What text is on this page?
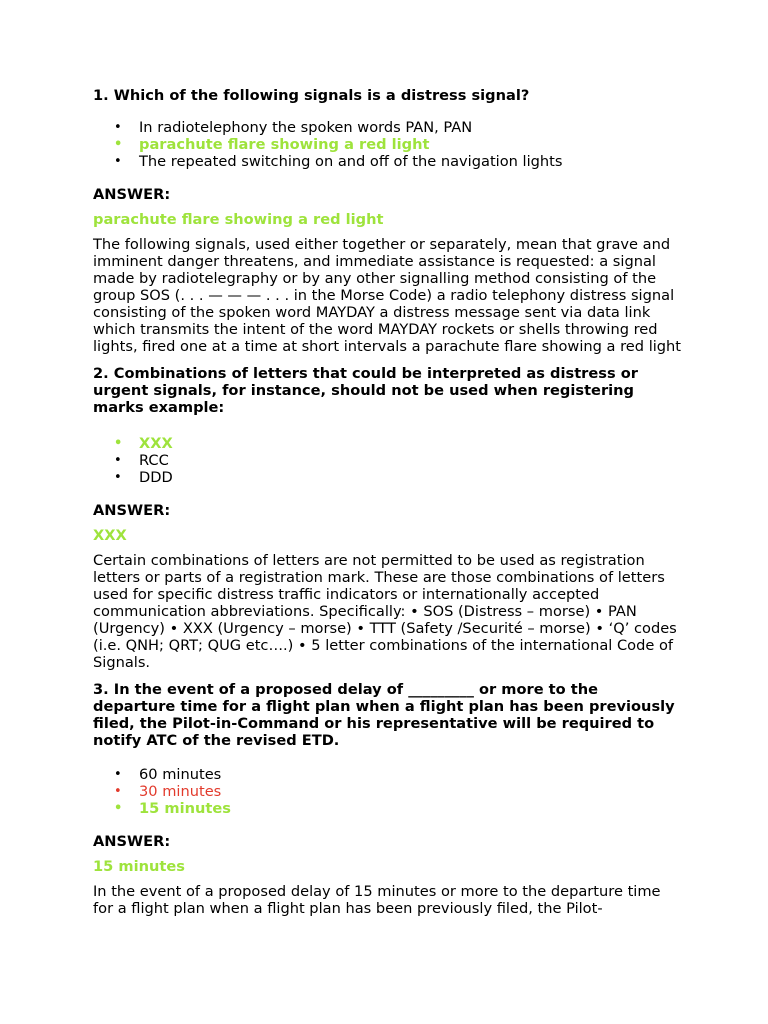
1. Which of the following signals is a distress signal?

• In radiotelephony the spoken words PAN, PAN
• parachute flare showing a red light
• The repeated switching on and off of the navigation lights

ANSWER:

parachute flare showing a red light

The following signals, used either together or separately, mean that grave and imminent danger threatens, and immediate assistance is requested: a signal made by radiotelegraphy or by any other signalling method consisting of the group SOS (. . . — — — . . . in the Morse Code) a radio telephony distress signal consisting of the spoken word MAYDAY a distress message sent via data link which transmits the intent of the word MAYDAY rockets or shells throwing red lights, fired one at a time at short intervals a parachute flare showing a red light

2. Combinations of letters that could be interpreted as distress or urgent signals, for instance, should not be used when registering marks example:

• XXX
• RCC
• DDD

ANSWER:

XXX

Certain combinations of letters are not permitted to be used as registration letters or parts of a registration mark. These are those combinations of letters used for specific distress traffic indicators or internationally accepted communication abbreviations. Specifically: • SOS (Distress – morse) • PAN (Urgency) • XXX (Urgency – morse) • TTT (Safety /Securité – morse) • ‘Q’ codes (i.e. QNH; QRT; QUG etc….) • 5 letter combinations of the international Code of Signals.

3. In the event of a proposed delay of _________ or more to the departure time for a flight plan when a flight plan has been previously filed, the Pilot-in-Command or his representative will be required to notify ATC of the revised ETD.

• 60 minutes
• 30 minutes
• 15 minutes

ANSWER:

15 minutes

In the event of a proposed delay of 15 minutes or more to the departure time for a flight plan when a flight plan has been previously filed, the Pilot-
